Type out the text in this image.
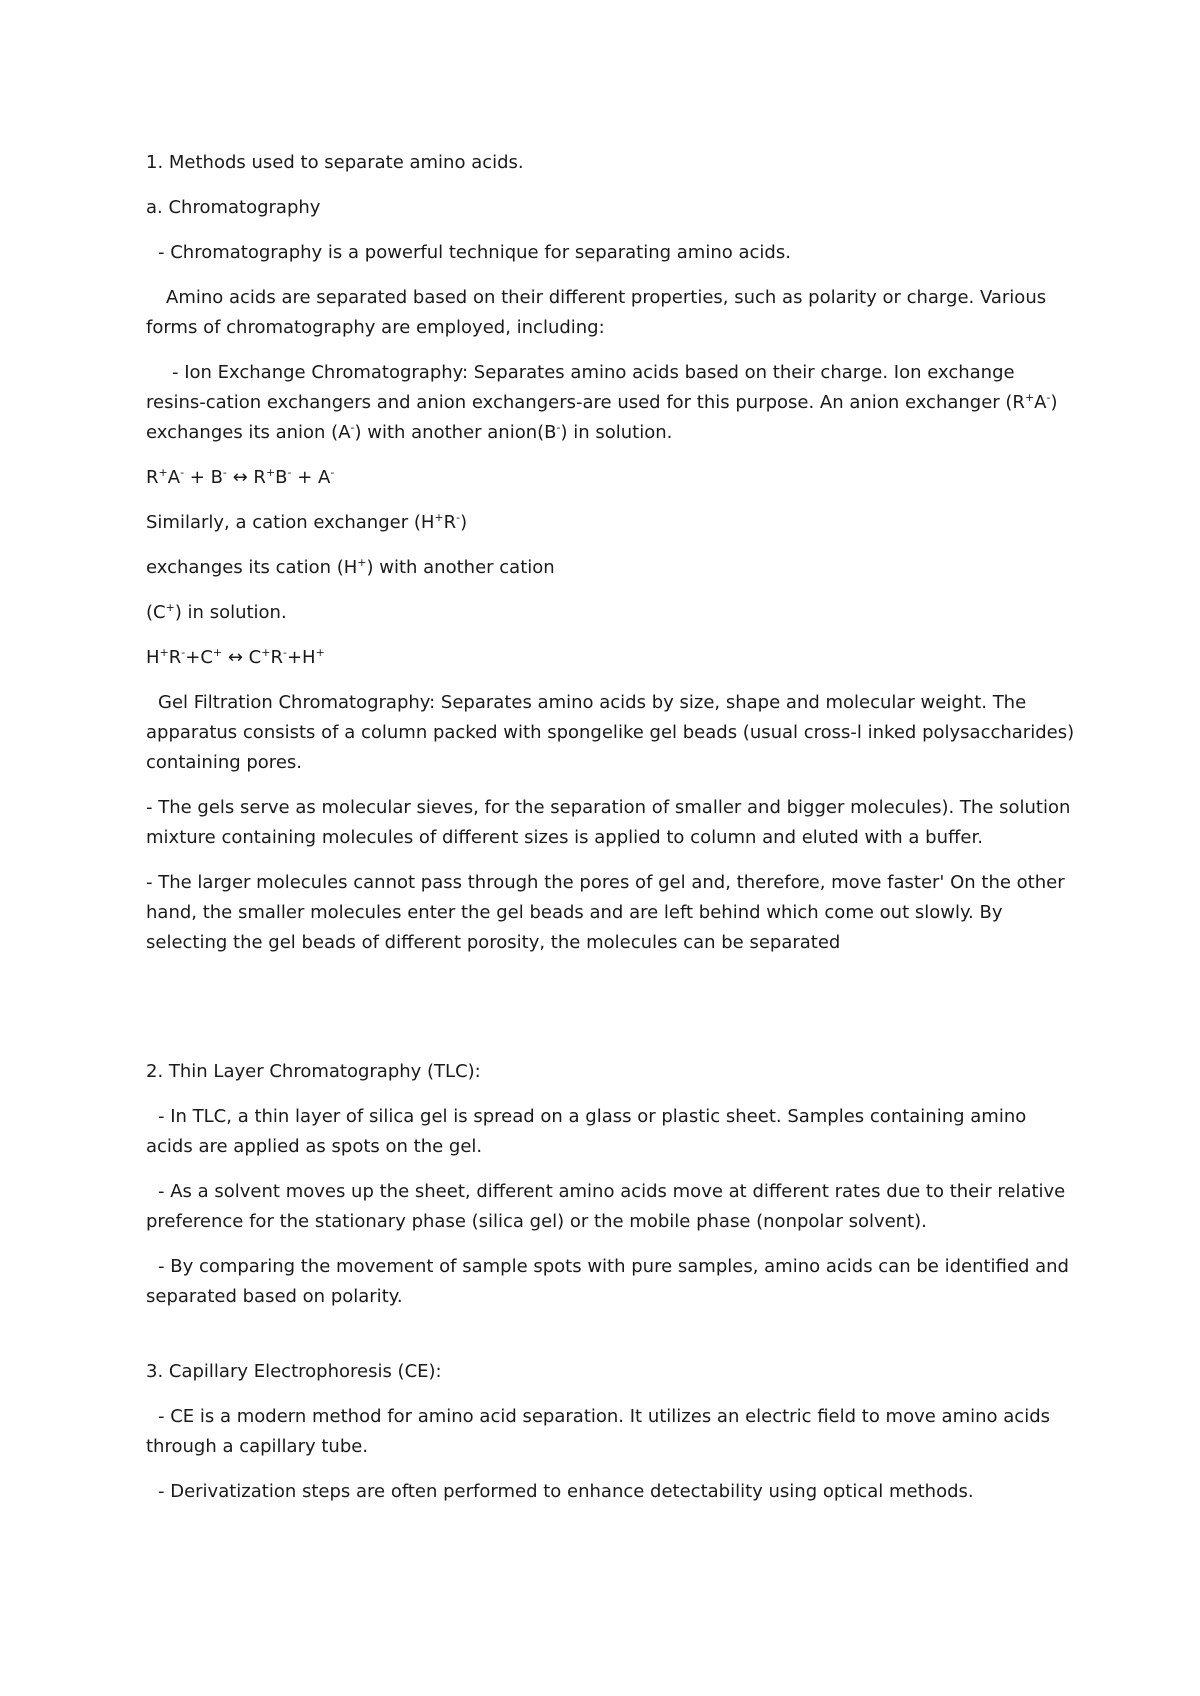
1. Methods used to separate amino acids.

a. Chromatography

- Chromatography is a powerful technique for separating amino acids.

Amino acids are separated based on their different properties, such as polarity or charge. Various forms of chromatography are employed, including:

- Ion Exchange Chromatography: Separates amino acids based on their charge. Ion exchange resins-cation exchangers and anion exchangers-are used for this purpose. An anion exchanger (R+A-) exchanges its anion (A-) with another anion(B-) in solution.

R+A- + B- ↔ R+B- + A-

Similarly, a cation exchanger (H+R-)

exchanges its cation (H+) with another cation

(C+) in solution.

H+R-+C+ ↔ C+R-+H+

Gel Filtration Chromatography: Separates amino acids by size, shape and molecular weight. The apparatus consists of a column packed with spongelike gel beads (usual cross-l inked polysaccharides) containing pores.

- The gels serve as molecular sieves, for the separation of smaller and bigger molecules). The solution mixture containing molecules of different sizes is applied to column and eluted with a buffer.

- The larger molecules cannot pass through the pores of gel and, therefore, move faster' On the other hand, the smaller molecules enter the gel beads and are left behind which come out slowly. By selecting the gel beads of different porosity, the molecules can be separated

2. Thin Layer Chromatography (TLC):

- In TLC, a thin layer of silica gel is spread on a glass or plastic sheet. Samples containing amino acids are applied as spots on the gel.

- As a solvent moves up the sheet, different amino acids move at different rates due to their relative preference for the stationary phase (silica gel) or the mobile phase (nonpolar solvent).

- By comparing the movement of sample spots with pure samples, amino acids can be identified and separated based on polarity.

3. Capillary Electrophoresis (CE):

- CE is a modern method for amino acid separation. It utilizes an electric field to move amino acids through a capillary tube.

- Derivatization steps are often performed to enhance detectability using optical methods.
